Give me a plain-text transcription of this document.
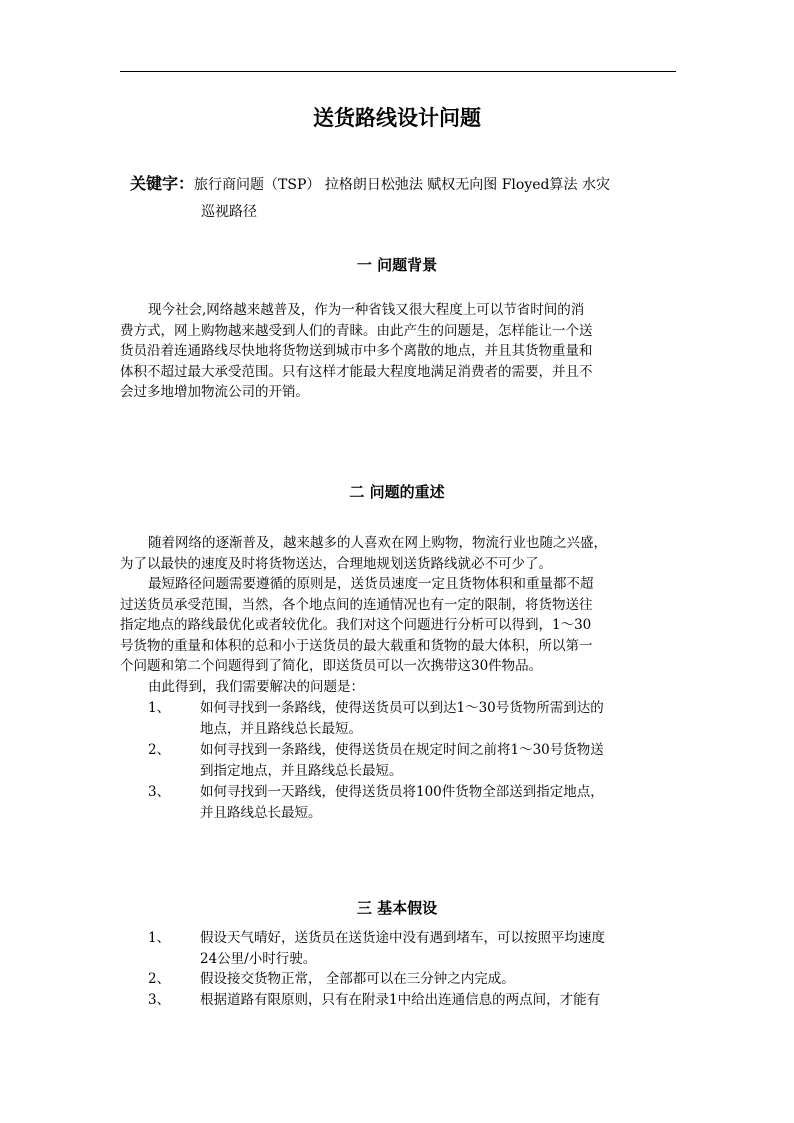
送货路线设计问题
关键字：旅行商问题（TSP） 拉格朗日松弛法 赋权无向图 Floyed算法 水灾
巡视路径
一 问题背景
现今社会,网络越来越普及，作为一种省钱又很大程度上可以节省时间的消
费方式，网上购物越来越受到人们的青睐。由此产生的问题是，怎样能让一个送
货员沿着连通路线尽快地将货物送到城市中多个离散的地点，并且其货物重量和
体积不超过最大承受范围。只有这样才能最大程度地满足消费者的需要，并且不
会过多地增加物流公司的开销。
二 问题的重述
随着网络的逐渐普及，越来越多的人喜欢在网上购物，物流行业也随之兴盛，
为了以最快的速度及时将货物送达，合理地规划送货路线就必不可少了。
最短路径问题需要遵循的原则是，送货员速度一定且货物体积和重量都不超
过送货员承受范围，当然，各个地点间的连通情况也有一定的限制，将货物送往
指定地点的路线最优化或者较优化。我们对这个问题进行分析可以得到，1～30
号货物的重量和体积的总和小于送货员的最大载重和货物的最大体积，所以第一
个问题和第二个问题得到了简化，即送货员可以一次携带这30件物品。
由此得到，我们需要解决的问题是：
1、 如何寻找到一条路线，使得送货员可以到达1～30号货物所需到达的
地点，并且路线总长最短。
2、 如何寻找到一条路线，使得送货员在规定时间之前将1～30号货物送
到指定地点，并且路线总长最短。
3、 如何寻找到一天路线，使得送货员将100件货物全部送到指定地点，
并且路线总长最短。
三 基本假设
1、 假设天气晴好，送货员在送货途中没有遇到堵车，可以按照平均速度
24公里/小时行驶。
2、 假设接交货物正常， 全部都可以在三分钟之内完成。
3、 根据道路有限原则，只有在附录1中给出连通信息的两点间，才能有
